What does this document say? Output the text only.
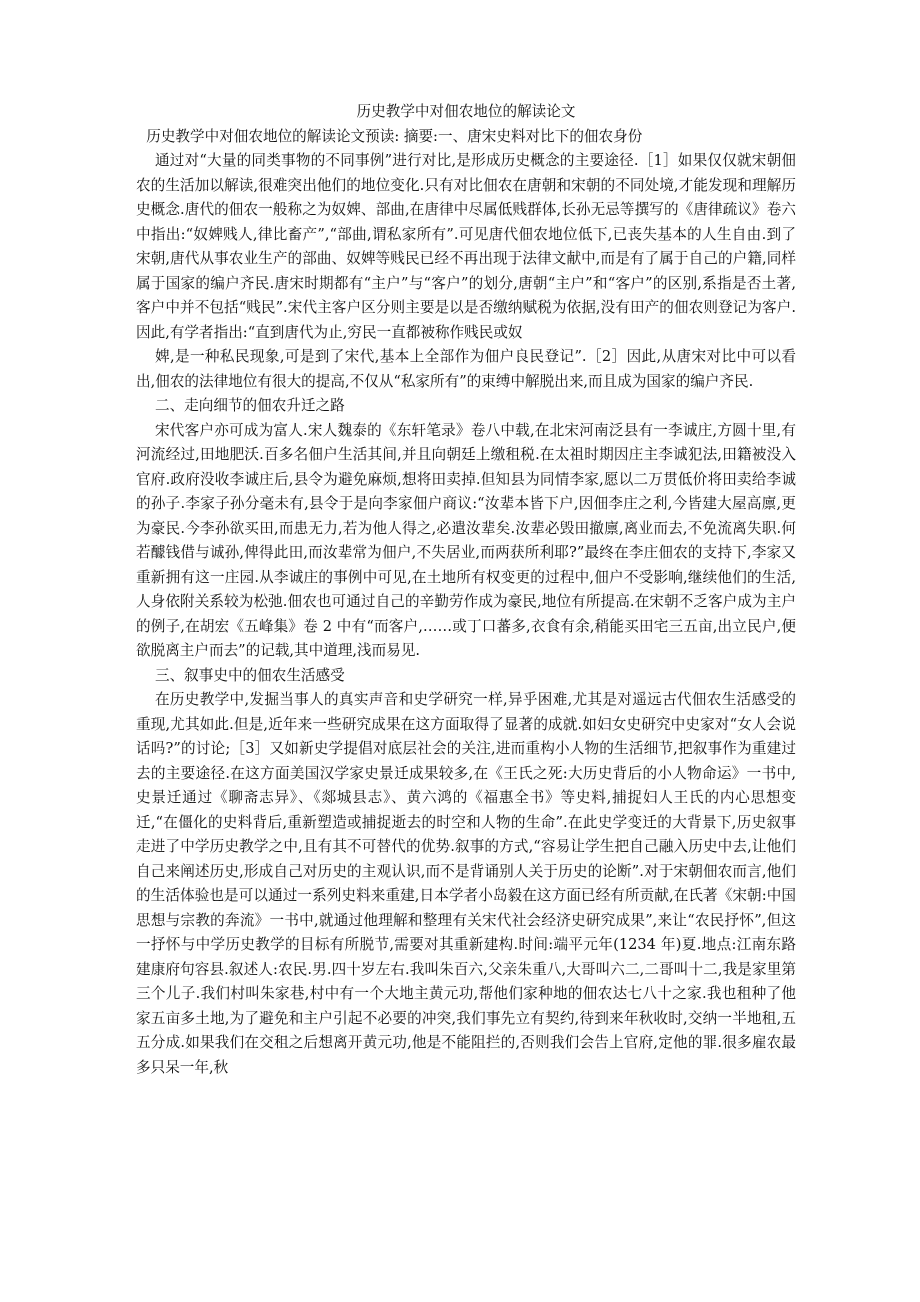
历史教学中对佃农地位的解读论文

历史教学中对佃农地位的解读论文预读: 摘要:一、唐宋史料对比下的佃农身份

通过对“大量的同类事物的不同事例”进行对比,是形成历史概念的主要途径.［1］如果仅仅就宋朝佃农的生活加以解读,很难突出他们的地位变化.只有对比佃农在唐朝和宋朝的不同处境,才能发现和理解历史概念.唐代的佃农一般称之为奴婢、部曲,在唐律中尽属低贱群体,长孙无忌等撰写的《唐律疏议》卷六中指出:“奴婢贱人,律比畜产”,“部曲,谓私家所有”.可见唐代佃农地位低下,已丧失基本的人生自由.到了宋朝,唐代从事农业生产的部曲、奴婢等贱民已经不再出现于法律文献中,而是有了属于自己的户籍,同样属于国家的编户齐民.唐宋时期都有“主户”与“客户”的划分,唐朝“主户”和“客户”的区别,系指是否土著,客户中并不包括“贱民”.宋代主客户区分则主要是以是否缴纳赋税为依据,没有田产的佃农则登记为客户.因此,有学者指出:“直到唐代为止,穷民一直都被称作贱民或奴

婢,是一种私民现象,可是到了宋代,基本上全部作为佃户良民登记”.［2］因此,从唐宋对比中可以看出,佃农的法律地位有很大的提高,不仅从“私家所有”的束缚中解脱出来,而且成为国家的编户齐民.

二、走向细节的佃农升迁之路

宋代客户亦可成为富人.宋人魏泰的《东轩笔录》卷八中载,在北宋河南泛县有一李诚庄,方圆十里,有河流经过,田地肥沃.百多名佃户生活其间,并且向朝廷上缴租税.在太祖时期因庄主李诚犯法,田籍被没入官府.政府没收李诚庄后,县令为避免麻烦,想将田卖掉.但知县为同情李家,愿以二万贯低价将田卖给李诚的孙子.李家子孙分毫未有,县令于是向李家佃户商议:“汝辈本皆下户,因佃李庄之利,今皆建大屋高廪,更为豪民.今李孙欲买田,而患无力,若为他人得之,必遣汝辈矣.汝辈必毁田撤廪,离业而去,不免流离失职.何若醵钱借与诚孙,俾得此田,而汝辈常为佃户,不失居业,而两获所利耶?”最终在李庄佃农的支持下,李家又重新拥有这一庄园.从李诚庄的事例中可见,在土地所有权变更的过程中,佃户不受影响,继续他们的生活,人身依附关系较为松弛.佃农也可通过自己的辛勤劳作成为豪民,地位有所提高.在宋朝不乏客户成为主户的例子,在胡宏《五峰集》卷 2 中有“而客户,……或丁口蕃多,衣食有余,稍能买田宅三五亩,出立民户,便欲脱离主户而去”的记载,其中道理,浅而易见.

三、叙事史中的佃农生活感受

在历史教学中,发掘当事人的真实声音和史学研究一样,异乎困难,尤其是对遥远古代佃农生活感受的重现,尤其如此.但是,近年来一些研究成果在这方面取得了显著的成就.如妇女史研究中史家对“女人会说话吗?”的讨论;［3］又如新史学提倡对底层社会的关注,进而重构小人物的生活细节,把叙事作为重建过去的主要途径.在这方面美国汉学家史景迁成果较多,在《王氏之死:大历史背后的小人物命运》一书中,史景迁通过《聊斋志异》、《郯城县志》、黄六鸿的《福惠全书》等史料,捕捉妇人王氏的内心思想变迁,“在僵化的史料背后,重新塑造或捕捉逝去的时空和人物的生命”.在此史学变迁的大背景下,历史叙事走进了中学历史教学之中,且有其不可替代的优势.叙事的方式,“容易让学生把自己融入历史中去,让他们自己来阐述历史,形成自己对历史的主观认识,而不是背诵别人关于历史的论断”.对于宋朝佃农而言,他们的生活体验也是可以通过一系列史料来重建,日本学者小岛毅在这方面已经有所贡献,在氏著《宋朝:中国思想与宗教的奔流》一书中,就通过他理解和整理有关宋代社会经济史研究成果”,来让“农民抒怀”,但这一抒怀与中学历史教学的目标有所脱节,需要对其重新建构.时间:端平元年(1234 年)夏.地点:江南东路建康府句容县.叙述人:农民.男.四十岁左右.我叫朱百六,父亲朱重八,大哥叫六二,二哥叫十二,我是家里第三个儿子.我们村叫朱家巷,村中有一个大地主黄元功,帮他们家种地的佃农达七八十之家.我也租种了他家五亩多土地,为了避免和主户引起不必要的冲突,我们事先立有契约,待到来年秋收时,交纳一半地租,五五分成.如果我们在交租之后想离开黄元功,他是不能阻拦的,否则我们会告上官府,定他的罪.很多雇农最多只呆一年,秋
